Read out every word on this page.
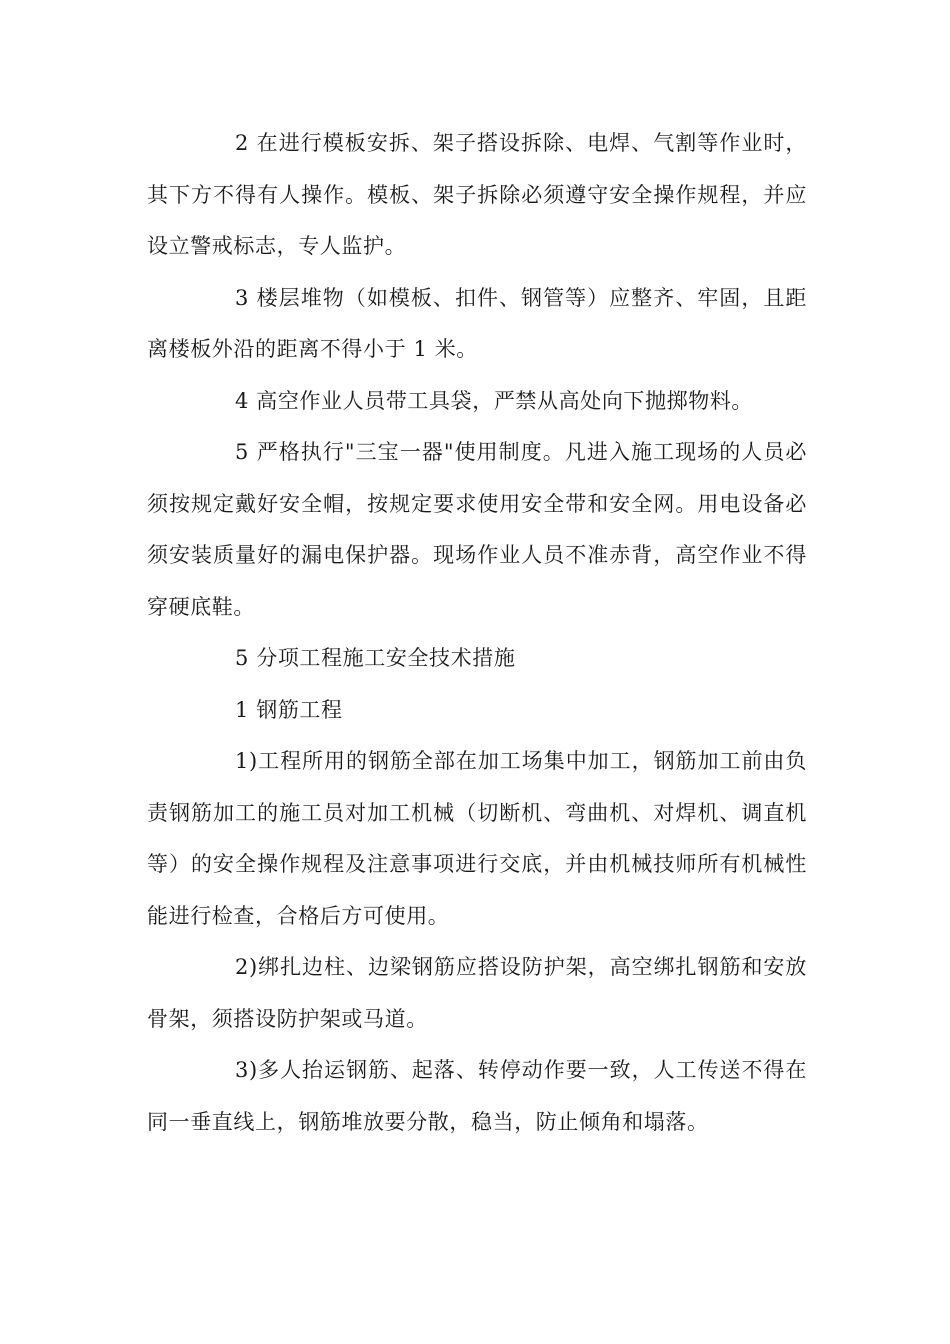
2 在进行模板安拆、架子搭设拆除、电焊、气割等作业时，其下方不得有人操作。模板、架子拆除必须遵守安全操作规程，并应设立警戒标志，专人监护。

3 楼层堆物（如模板、扣件、钢管等）应整齐、牢固，且距离楼板外沿的距离不得小于 1 米。

4 高空作业人员带工具袋，严禁从高处向下抛掷物料。

5 严格执行"三宝一器"使用制度。凡进入施工现场的人员必须按规定戴好安全帽，按规定要求使用安全带和安全网。用电设备必须安装质量好的漏电保护器。现场作业人员不准赤背，高空作业不得穿硬底鞋。

5 分项工程施工安全技术措施

1 钢筋工程

1)工程所用的钢筋全部在加工场集中加工，钢筋加工前由负责钢筋加工的施工员对加工机械（切断机、弯曲机、对焊机、调直机等）的安全操作规程及注意事项进行交底，并由机械技师所有机械性能进行检查，合格后方可使用。

2)绑扎边柱、边梁钢筋应搭设防护架，高空绑扎钢筋和安放骨架，须搭设防护架或马道。

3)多人抬运钢筋、起落、转停动作要一致，人工传送不得在同一垂直线上，钢筋堆放要分散，稳当，防止倾角和塌落。
